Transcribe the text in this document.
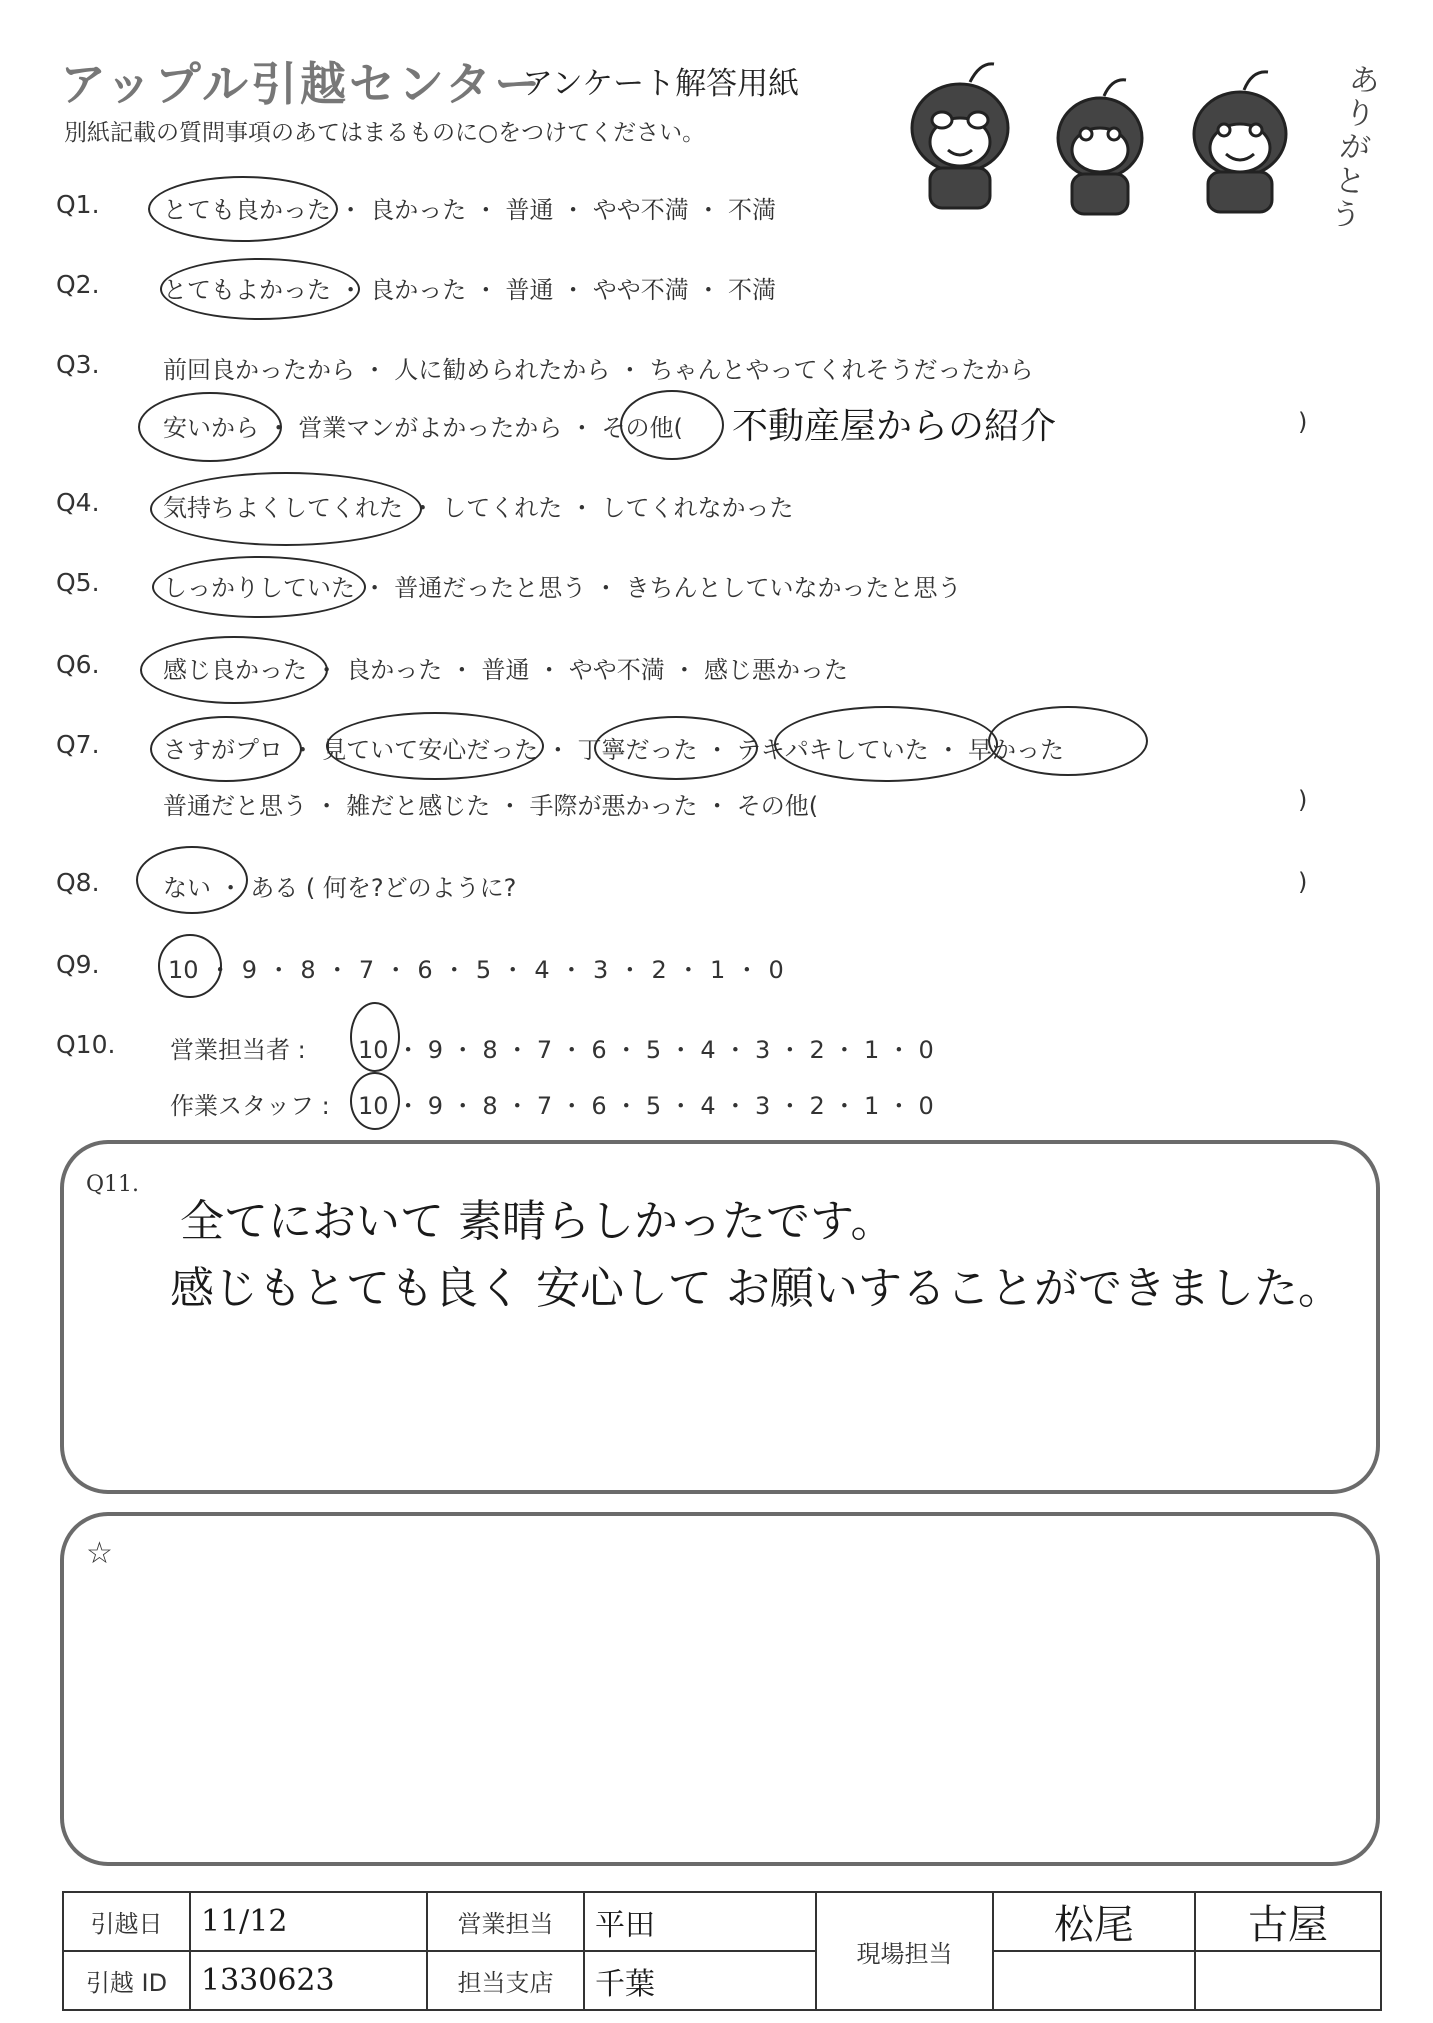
アップル引越センター
アンケート解答用紙
別紙記載の質問事項のあてはまるものに○をつけてください。
ありがとう
Q1.	とても良かった ・ 良かった ・ 普通 ・ やや不満 ・ 不満
Q2.	とてもよかった ・ 良かった ・ 普通 ・ やや不満 ・ 不満
Q3.	前回良かったから ・ 人に勧められたから ・ ちゃんとやってくれそうだったから
安いから ・ 営業マンがよかったから ・ その他( 不動産屋からの紹介	)
Q4.	気持ちよくしてくれた ・ してくれた ・ してくれなかった
Q5.	しっかりしていた ・ 普通だったと思う ・ きちんとしていなかったと思う
Q6.	感じ良かった ・ 良かった ・ 普通 ・ やや不満 ・ 感じ悪かった
Q7.	さすがプロ ・ 見ていて安心だった ・ 丁寧だった ・ テキパキしていた ・ 早かった
普通だと思う ・ 雑だと感じた ・ 手際が悪かった ・ その他(	)
Q8.	ない ・ ある ( 何を?どのように?	)
Q9.	10 ・ 9 ・ 8 ・ 7 ・ 6 ・ 5 ・ 4 ・ 3 ・ 2 ・ 1 ・ 0
Q10. 営業担当者 : 10 ・ 9 ・ 8 ・ 7 ・ 6 ・ 5 ・ 4 ・ 3 ・ 2 ・ 1 ・ 0
作業スタッフ : 10 ・ 9 ・ 8 ・ 7 ・ 6 ・ 5 ・ 4 ・ 3 ・ 2 ・ 1 ・ 0
Q11.
全てにおいて 素晴らしかったです。
感じもとても良く 安心して お願いすることができました。
☆
引越日	11/12	営業担当	平田	現場担当	松尾	古屋
引越 ID	1330623	担当支店	千葉			
